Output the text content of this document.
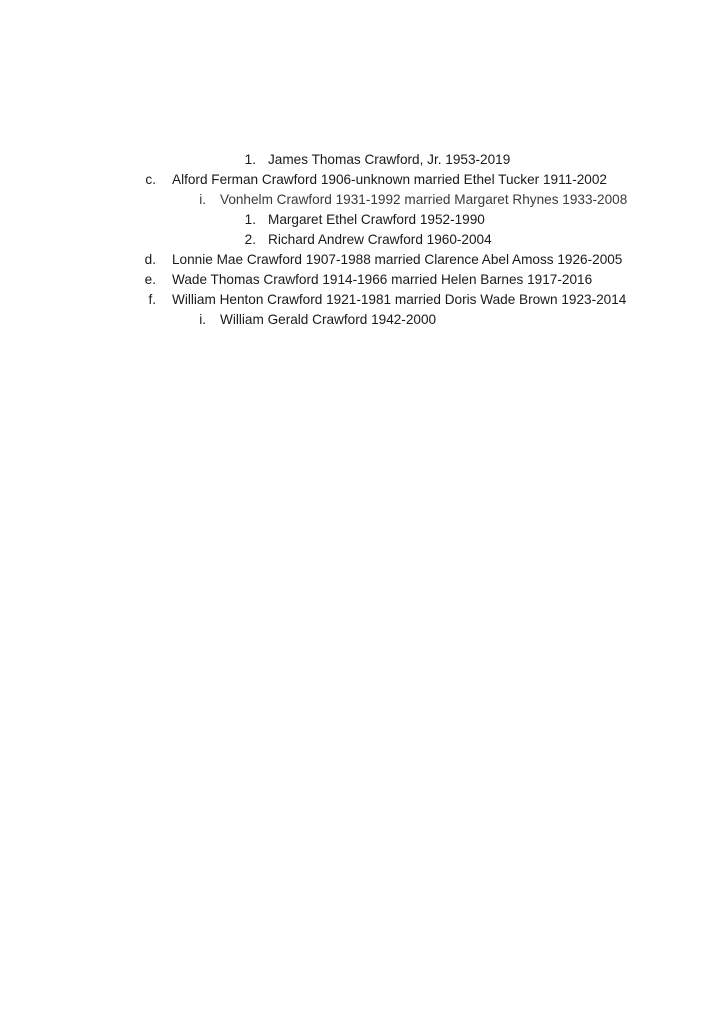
1. James Thomas Crawford, Jr. 1953-2019
c. Alford Ferman Crawford 1906-unknown married Ethel Tucker 1911-2002
i. Vonhelm Crawford 1931-1992 married Margaret Rhynes 1933-2008
1. Margaret Ethel Crawford 1952-1990
2. Richard Andrew Crawford 1960-2004
d. Lonnie Mae Crawford 1907-1988 married Clarence Abel Amoss 1926-2005
e. Wade Thomas Crawford 1914-1966 married Helen Barnes 1917-2016
f. William Henton Crawford 1921-1981 married Doris Wade Brown 1923-2014
i. William Gerald Crawford 1942-2000
